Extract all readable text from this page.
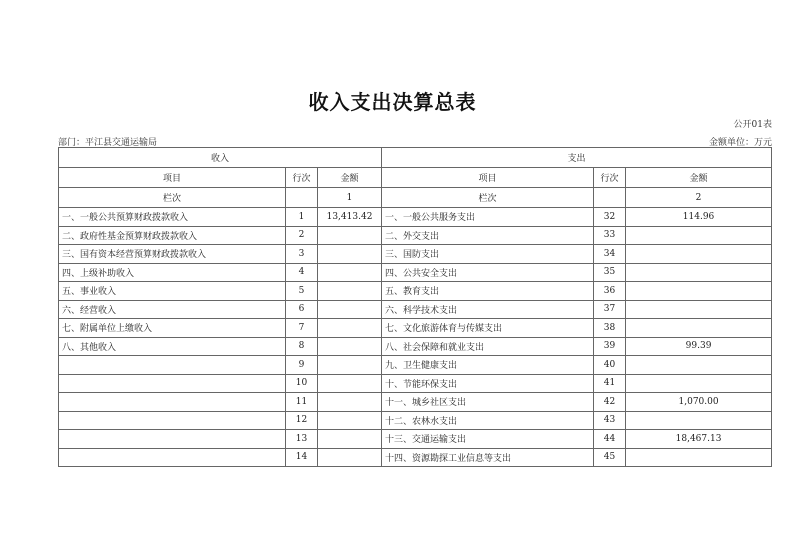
收入支出决算总表
公开01表
部门：平江县交通运输局	金额单位：万元
收入			支出		
项目	行次	金额	项目	行次	金额
栏次		1	栏次		2
一、一般公共预算财政拨款收入	1	13,413.42	一、一般公共服务支出	32	114.96
二、政府性基金预算财政拨款收入	2		二、外交支出	33	
三、国有资本经营预算财政拨款收入	3		三、国防支出	34	
四、上级补助收入	4		四、公共安全支出	35	
五、事业收入	5		五、教育支出	36	
六、经营收入	6		六、科学技术支出	37	
七、附属单位上缴收入	7		七、文化旅游体育与传媒支出	38	
八、其他收入	8		八、社会保障和就业支出	39	99.39
	9		九、卫生健康支出	40	
	10		十、节能环保支出	41	
	11		十一、城乡社区支出	42	1,070.00
	12		十二、农林水支出	43	
	13		十三、交通运输支出	44	18,467.13
	14		十四、资源勘探工业信息等支出	45	
